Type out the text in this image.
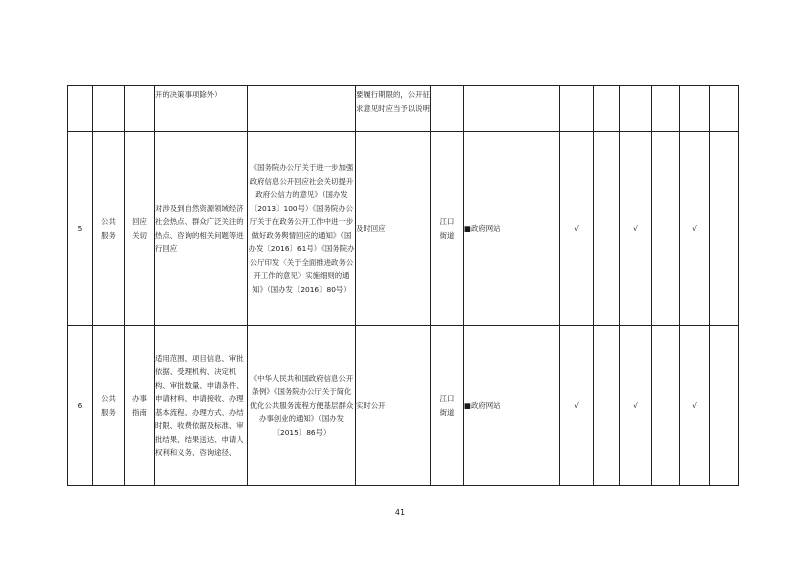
			开的决策事项除外）		要履行期限的，公开征求意见时应当予以说明								

5	公共服务	回应关切	对涉及到自然资源领域经济社会热点、群众广泛关注的热点、咨询的相关问题等进行回应	《国务院办公厅关于进一步加强政府信息公开回应社会关切提升政府公信力的意见》（国办发〔2013〕100号）《国务院办公厅关于在政务公开工作中进一步做好政务舆情回应的通知》（国办发〔2016〕61号）《国务院办公厅印发〈关于全面推进政务公开工作的意见〉实施细则的通知》（国办发〔2016〕80号）	及时回应	江口街道	■政府网站	√		√		√	
6	公共服务	办事指南	适用范围、项目信息、审批依据、受理机构、决定机构、审批数量、申请条件、申请材料、申请接收、办理基本流程、办理方式、办结时限、收费依据及标准、审批结果、结果送达、申请人权利和义务、咨询途径、	《中华人民共和国政府信息公开条例》《国务院办公厅关于简化优化公共服务流程方便基层群众办事创业的通知》（国办发〔2015〕86号）	实时公开	江口街道	■政府网站	√		√		√	
41
